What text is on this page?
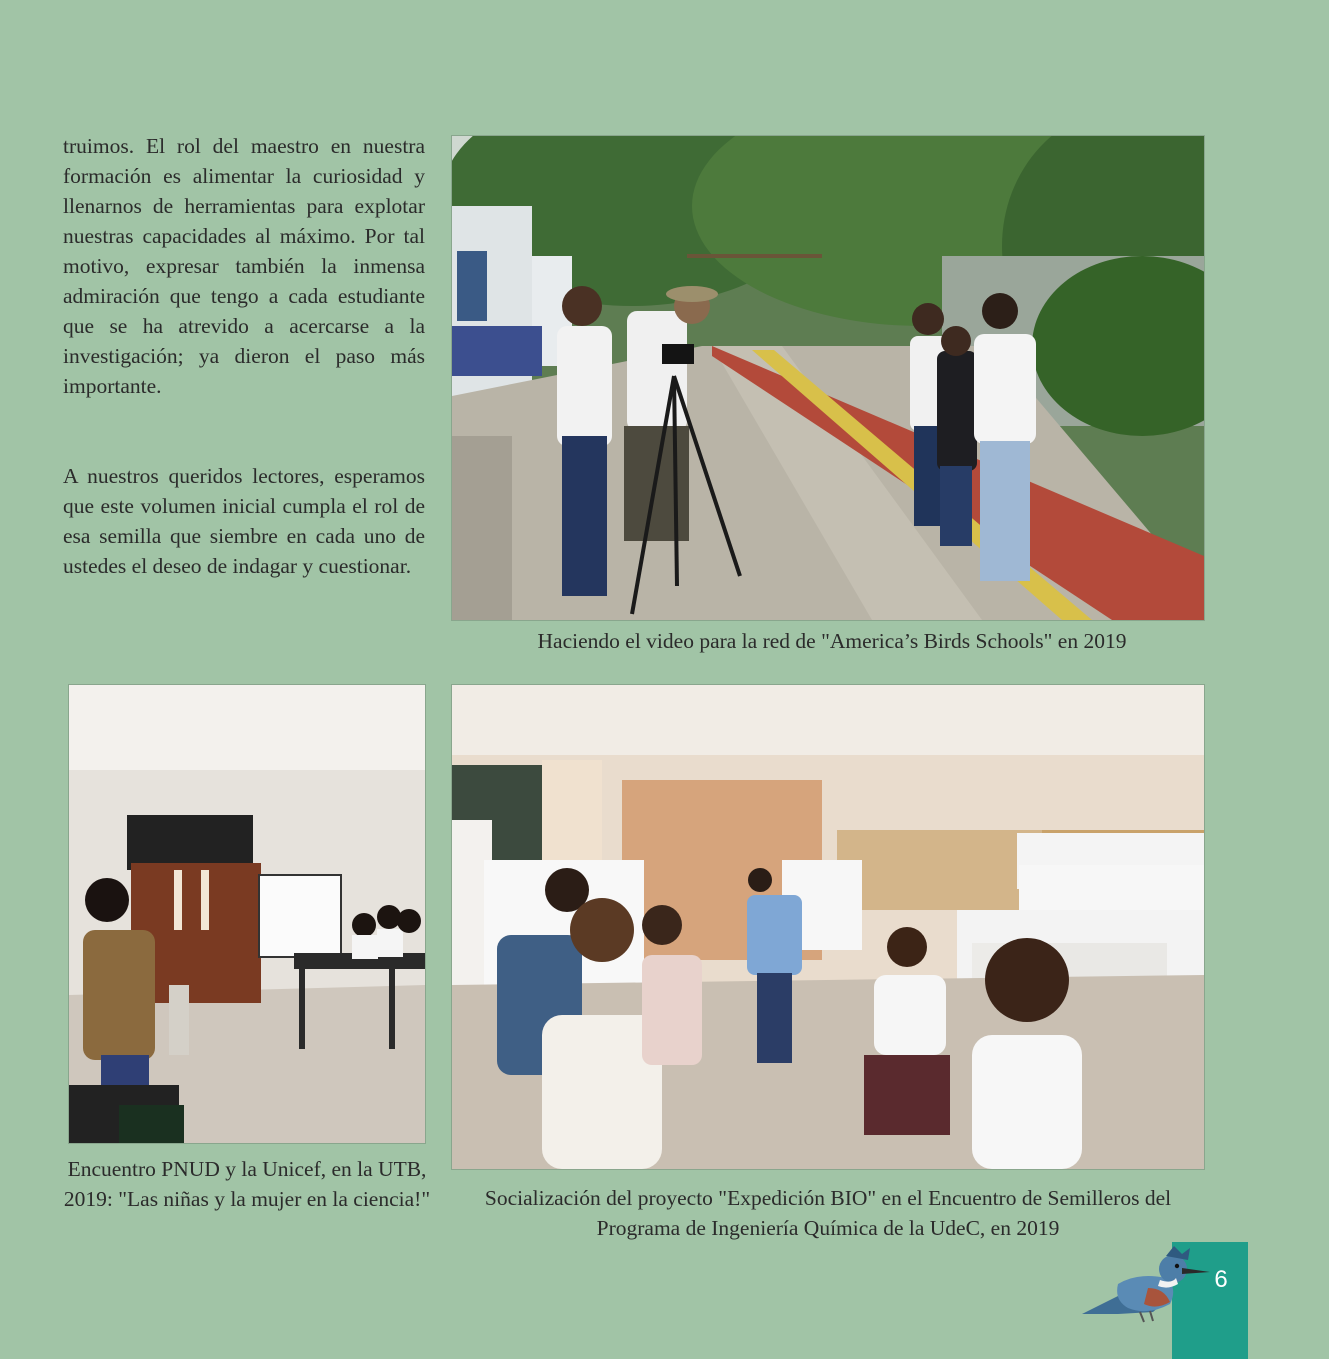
truimos. El rol del maestro en nuestra formación es alimentar la curiosidad y llenarnos de herramientas para explotar nuestras capacidades al máximo. Por tal motivo, expresar también la inmensa admiración que tengo a cada estudiante que se ha atrevido a acercarse a la investigación; ya dieron el paso más importante.

A nuestros queridos lectores, esperamos que este volumen inicial cumpla el rol de esa semilla que siembre en cada uno de ustedes el deseo de indagar y cuestionar.

Haciendo el video para la red de "America’s Birds Schools" en 2019

Encuentro PNUD y la Unicef, en la UTB, 2019: "Las niñas y la mujer en la ciencia!"	Socialización del proyecto "Expedición BIO" en el Encuentro de Semilleros del Programa de Ingeniería Química de la UdeC, en 2019

6
